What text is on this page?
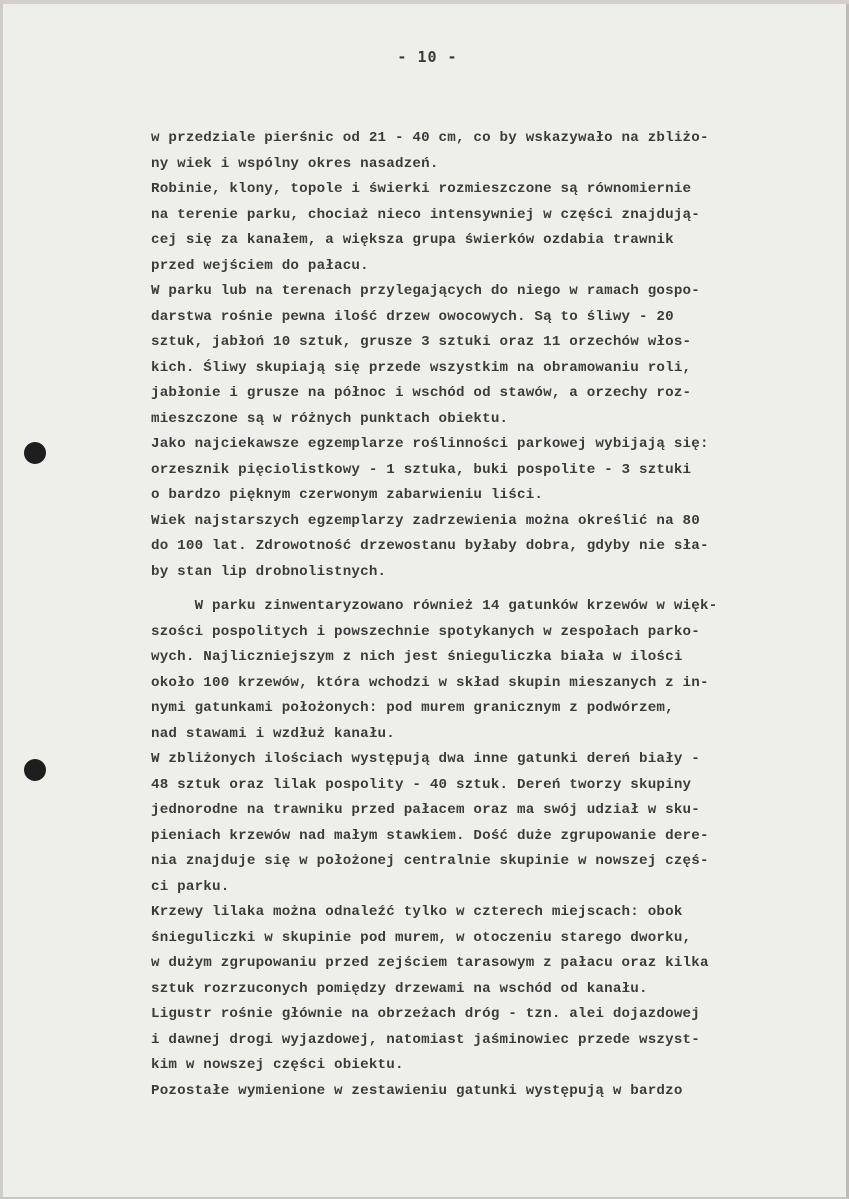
- 10 -
w przedziale pierśnic od 21 - 40 cm, co by wskazywało na zbliżo-
ny wiek i wspólny okres nasadzeń.
Robinie, klony, topole i świerki rozmieszczone są równomiernie
na terenie parku, chociaż nieco intensywniej w części znajdują-
cej się za kanałem, a większa grupa świerków ozdabia trawnik
przed wejściem do pałacu.
W parku lub na terenach przylegających do niego w ramach gospo-
darstwa rośnie pewna ilość drzew owocowych. Są to śliwy - 20
sztuk, jabłoń 10 sztuk, grusze 3 sztuki oraz 11 orzechów włos-
kich. Śliwy skupiają się przede wszystkim na obramowaniu roli,
jabłonie i grusze na północ i wschód od stawów, a orzechy roz-
mieszczone są w różnych punktach obiektu.
Jako najciekawsze egzemplarze roślinności parkowej wybijają się:
orzesznik pięciolistkowy - 1 sztuka, buki pospolite - 3 sztuki
o bardzo pięknym czerwonym zabarwieniu liści.
Wiek najstarszych egzemplarzy zadrzewienia można określić na 80
do 100 lat. Zdrowotność drzewostanu byłaby dobra, gdyby nie sła-
by stan lip drobnolistnych.
W parku zinwentaryzowano również 14 gatunków krzewów w więk-
szości pospolitych i powszechnie spotykanych w zespołach parko-
wych. Najliczniejszym z nich jest śnieguliczka biała w ilości
około 100 krzewów, która wchodzi w skład skupin mieszanych z in-
nymi gatunkami położonych: pod murem granicznym z podwórzem,
nad stawami i wzdłuż kanału.
W zbliżonych ilościach występują dwa inne gatunki dereń biały -
48 sztuk oraz lilak pospolity - 40 sztuk. Dereń tworzy skupiny
jednorodne na trawniku przed pałacem oraz ma swój udział w sku-
pieniach krzewów nad małym stawkiem. Dość duże zgrupowanie dere-
nia znajduje się w położonej centralnie skupinie w nowszej częś-
ci parku.
Krzewy lilaka można odnaleźć tylko w czterech miejscach: obok
śnieguliczki w skupinie pod murem, w otoczeniu starego dworku,
w dużym zgrupowaniu przed zejściem tarasowym z pałacu oraz kilka
sztuk rozrzuconych pomiędzy drzewami na wschód od kanału.
Ligustr rośnie głównie na obrzeżach dróg - tzn. alei dojazdowej
i dawnej drogi wyjazdowej, natomiast jaśminowiec przede wszyst-
kim w nowszej części obiektu.
Pozostałe wymienione w zestawieniu gatunki występują w bardzo
